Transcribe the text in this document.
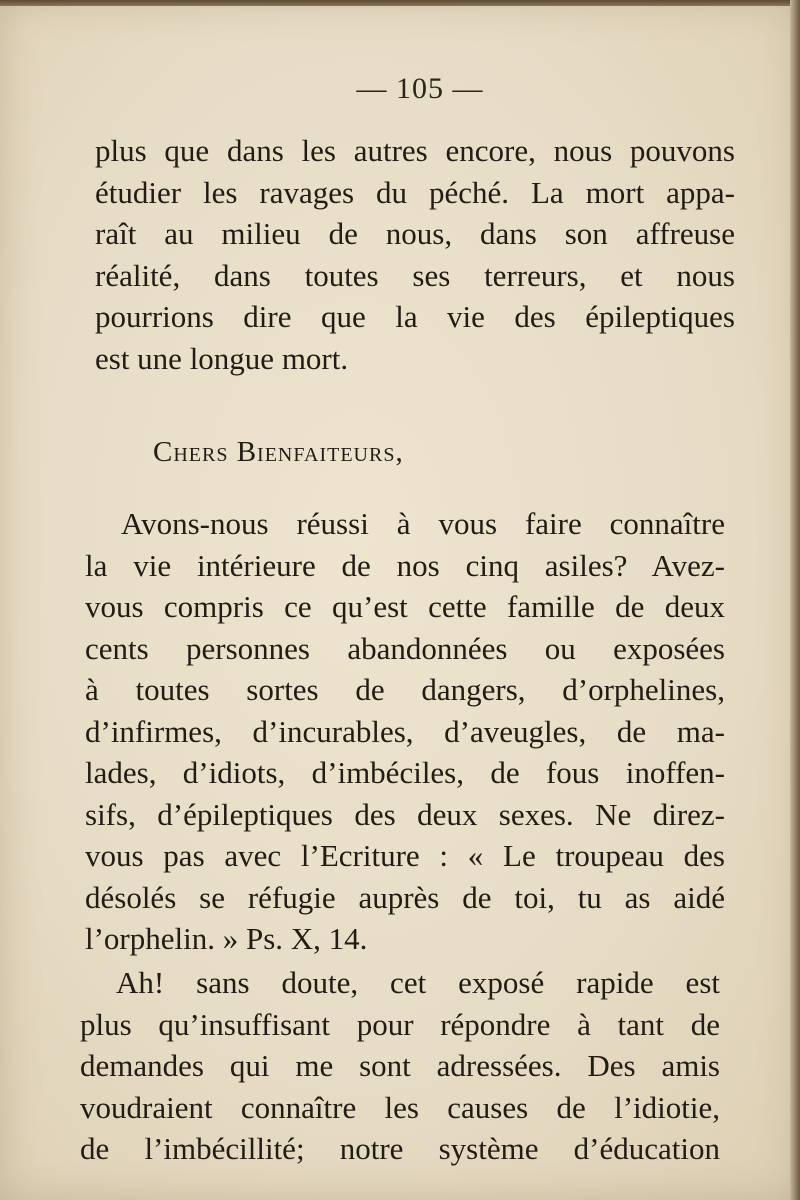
— 105 —
plus que dans les autres encore, nous pouvons
étudier les ravages du péché. La mort appa-
raît au milieu de nous, dans son affreuse
réalité, dans toutes ses terreurs, et nous
pourrions dire que la vie des épileptiques
est une longue mort.
Chers Bienfaiteurs,
Avons-nous réussi à vous faire connaître
la vie intérieure de nos cinq asiles? Avez-
vous compris ce qu’est cette famille de deux
cents personnes abandonnées ou exposées
à toutes sortes de dangers, d’orphelines,
d’infirmes, d’incurables, d’aveugles, de ma-
lades, d’idiots, d’imbéciles, de fous inoffen-
sifs, d’épileptiques des deux sexes. Ne direz-
vous pas avec l’Ecriture : « Le troupeau des
désolés se réfugie auprès de toi, tu as aidé
l’orphelin. » Ps. X, 14.
Ah! sans doute, cet exposé rapide est
plus qu’insuffisant pour répondre à tant de
demandes qui me sont adressées. Des amis
voudraient connaître les causes de l’idiotie,
de l’imbécillité; notre système d’éducation
